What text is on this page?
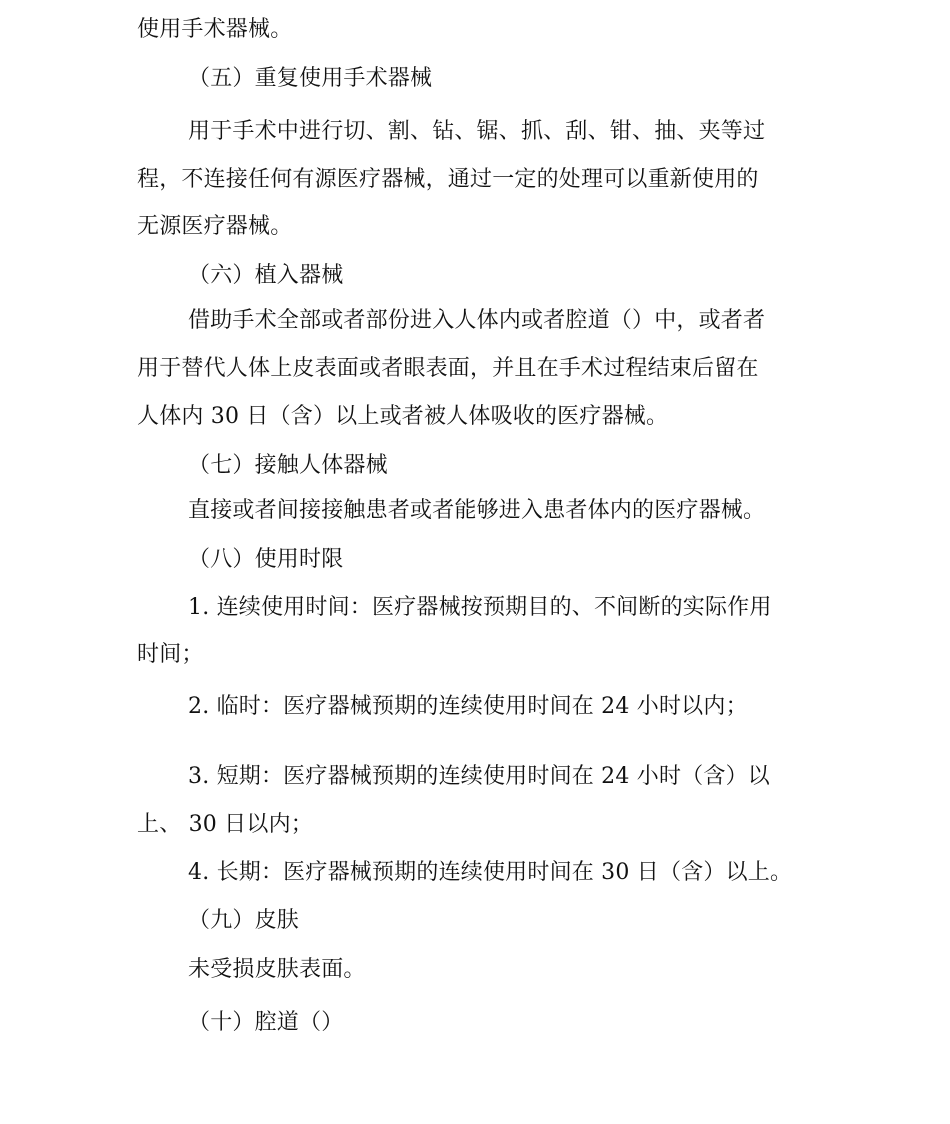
使用手术器械。
（五）重复使用手术器械
用于手术中进行切、割、钻、锯、抓、刮、钳、抽、夹等过
程，不连接任何有源医疗器械，通过一定的处理可以重新使用的
无源医疗器械。
（六）植入器械
借助手术全部或者部份进入人体内或者腔道（）中，或者者
用于替代人体上皮表面或者眼表面，并且在手术过程结束后留在
人体内 30 日（含）以上或者被人体吸收的医疗器械。
（七）接触人体器械
直接或者间接接触患者或者能够进入患者体内的医疗器械。
（八）使用时限
1. 连续使用时间：医疗器械按预期目的、不间断的实际作用
时间；
2. 临时：医疗器械预期的连续使用时间在 24 小时以内；
3. 短期：医疗器械预期的连续使用时间在 24 小时（含）以
上、 30 日以内；
4. 长期：医疗器械预期的连续使用时间在 30 日（含）以上。
（九）皮肤
未受损皮肤表面。
（十）腔道（）
